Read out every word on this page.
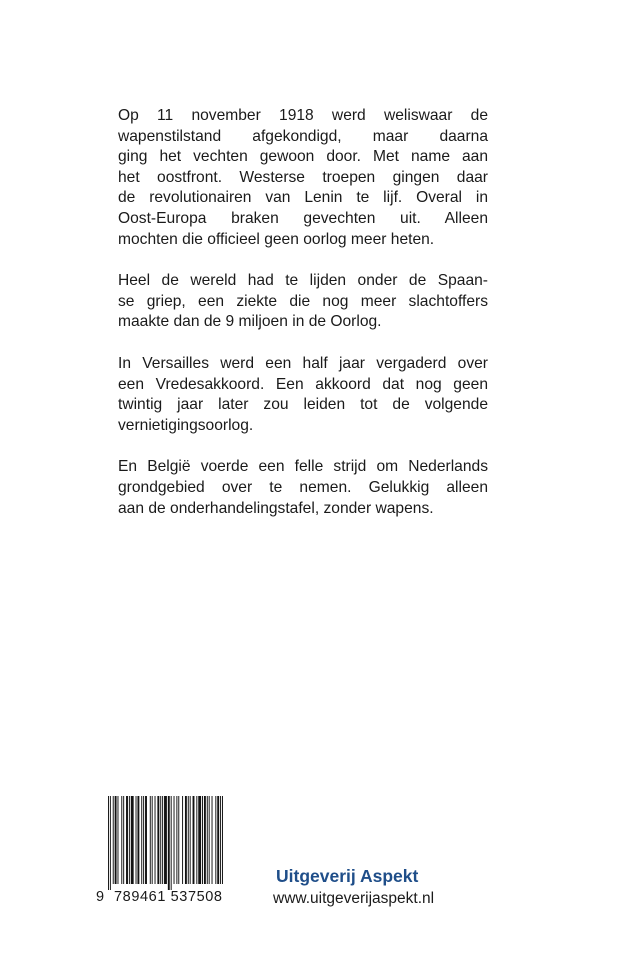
Op 11 november 1918 werd weliswaar de
wapenstilstand afgekondigd, maar daarna
ging het vechten gewoon door. Met name aan
het oostfront. Westerse troepen gingen daar
de revolutionairen van Lenin te lijf. Overal in
Oost-Europa braken gevechten uit. Alleen
mochten die officieel geen oorlog meer heten.

Heel de wereld had te lijden onder de Spaan-
se griep, een ziekte die nog meer slachtoffers
maakte dan de 9 miljoen in de Oorlog.

In Versailles werd een half jaar vergaderd over
een Vredesakkoord. Een akkoord dat nog geen
twintig jaar later zou leiden tot de volgende
vernietigingsoorlog.

En België voerde een felle strijd om Nederlands
grondgebied over te nemen. Gelukkig alleen
aan de onderhandelingstafel, zonder wapens.

9 789461 537508
Uitgeverij Aspekt
www.uitgeverijaspekt.nl
